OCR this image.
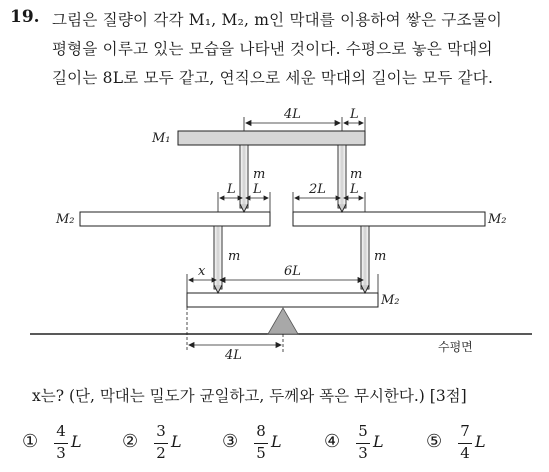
19. 그림은 질량이 각각 M₁, M₂, m인 막대를 이용하여 쌓은 구조물이
평형을 이루고 있는 모습을 나타낸 것이다. 수평으로 놓은 막대의
길이는 8L로 모두 같고, 연직으로 세운 막대의 길이는 모두 같다.
M₁
M₂	M₂
M₂
m	m
m	m
4L	L
L L	2L L
x	6L
4L
수평면
x는? (단, 막대는 밀도가 균일하고, 두께와 폭은 무시한다.) [3점]
① 4
3
L ② 3
2
L ③ 8
5
L ④ 5
3
L ⑤ 7
4
L
